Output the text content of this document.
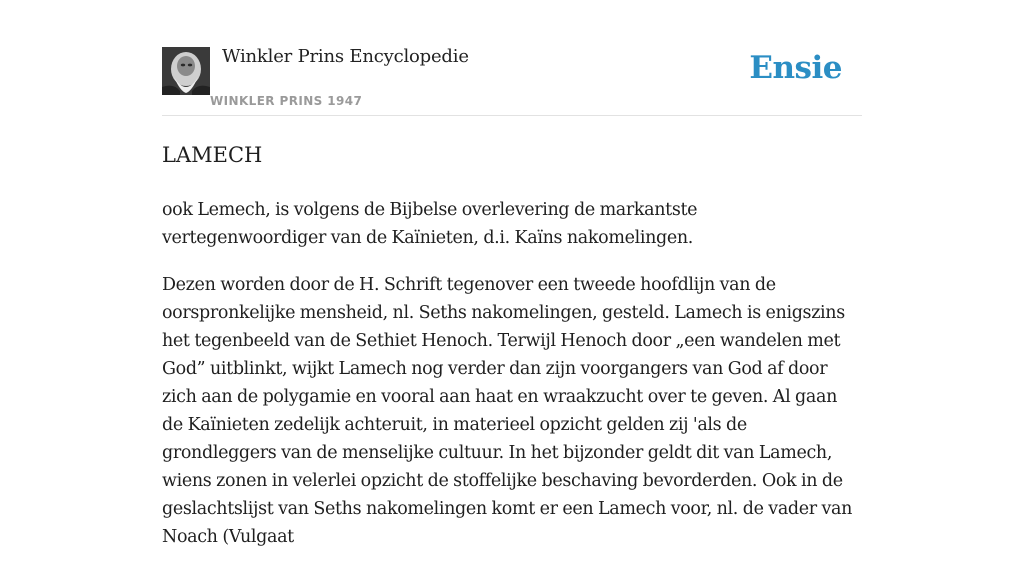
Winkler Prins Encyclopedie
WINKLER PRINS 1947
Ensie
LAMECH

ook Lemech, is volgens de Bijbelse overlevering de markantste vertegenwoordiger van de Kaïnieten, d.i. Kaïns nakomelingen.

Dezen worden door de H. Schrift tegenover een tweede hoofdlijn van de oorspronkelijke mensheid, nl. Seths nakomelingen, gesteld. Lamech is enigszins het tegenbeeld van de Sethiet Henoch. Terwijl Henoch door „een wandelen met God” uitblinkt, wijkt Lamech nog verder dan zijn voorgangers van God af door zich aan de polygamie en vooral aan haat en wraakzucht over te geven. Al gaan de Kaïnieten zedelijk achteruit, in materieel opzicht gelden zij 'als de grondleggers van de menselijke cultuur. In het bijzonder geldt dit van Lamech, wiens zonen in velerlei opzicht de stoffelijke beschaving bevorderden. Ook in de geslachtslijst van Seths nakomelingen komt er een Lamech voor, nl. de vader van Noach (Vulgaat
